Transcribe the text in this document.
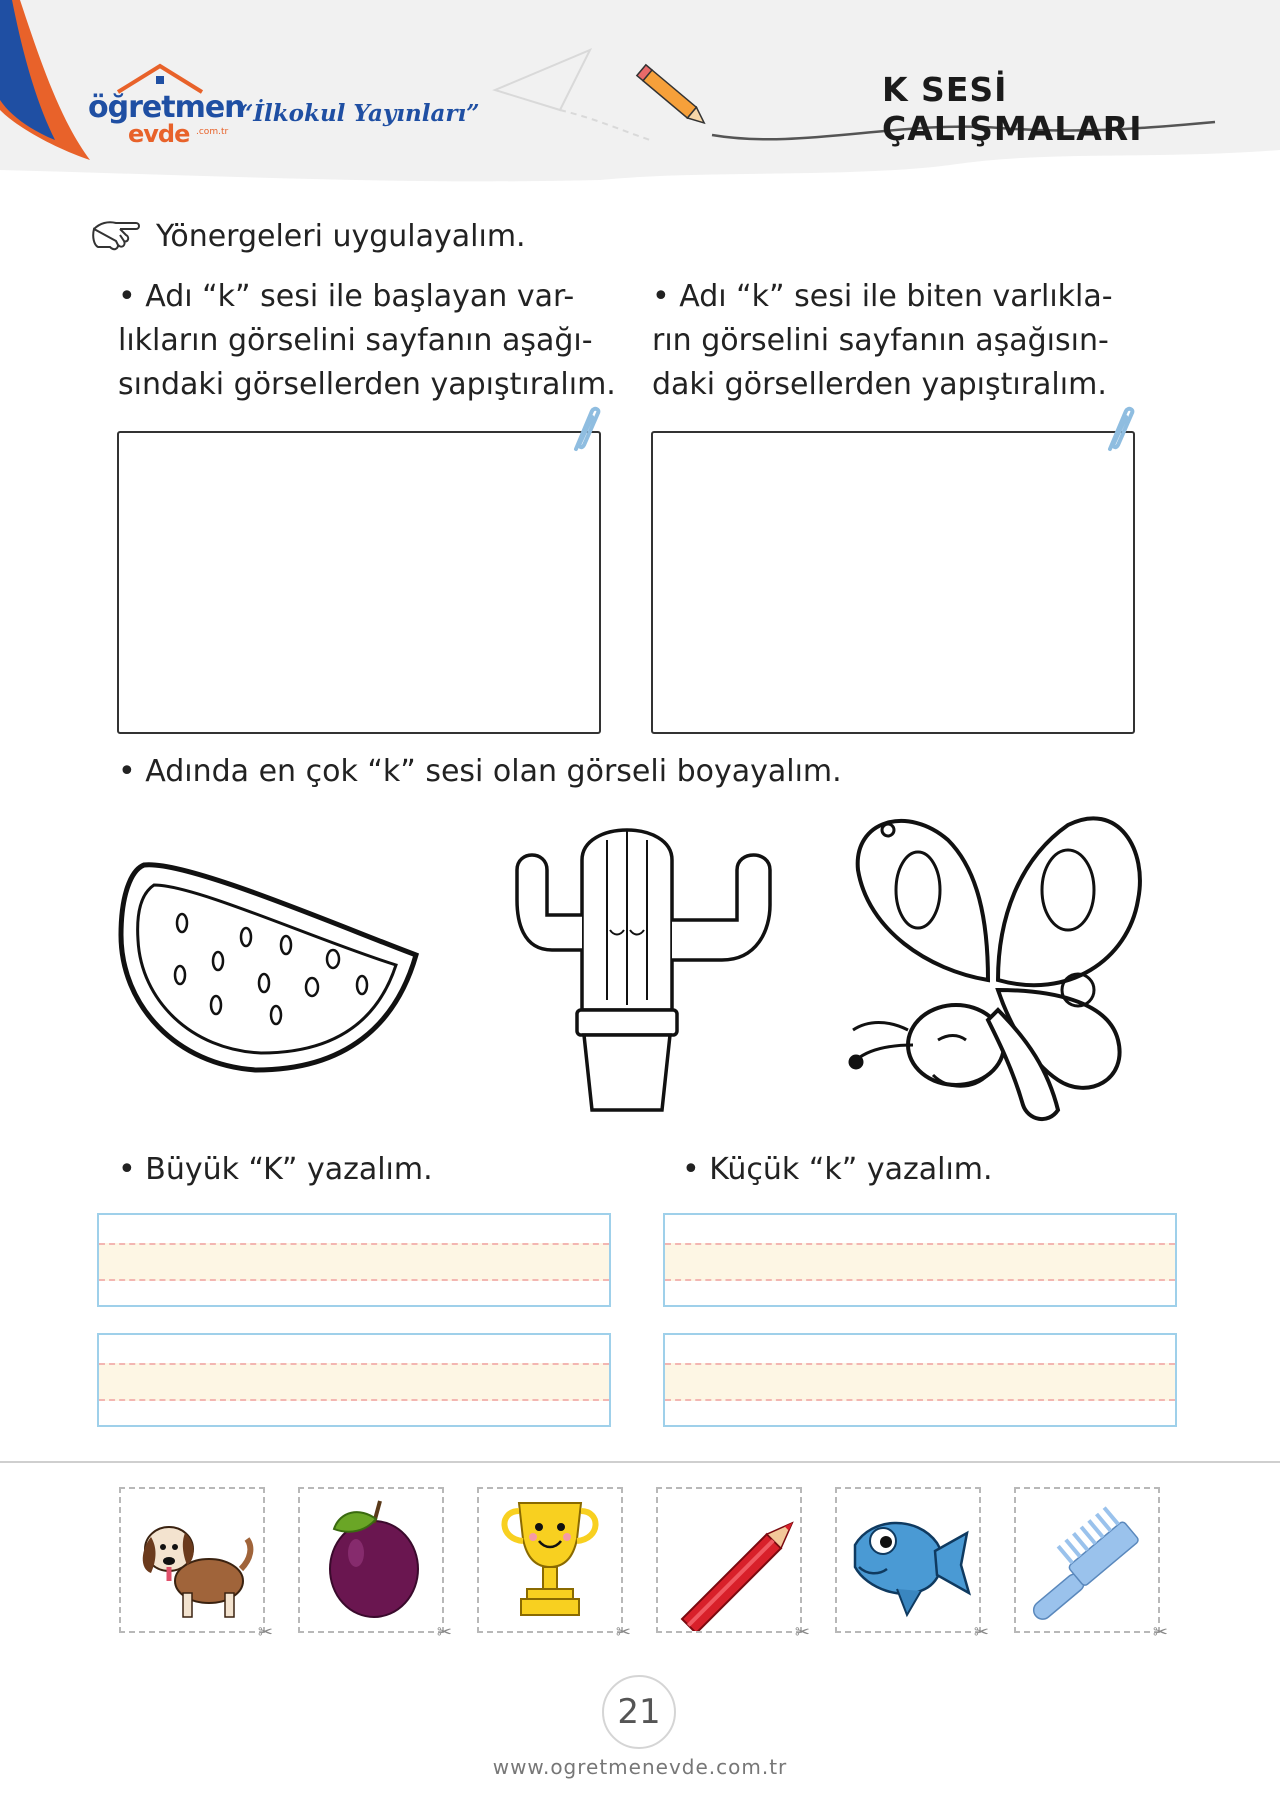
öğretmen
evde .com.tr
“İlkokul Yayınları”
K SESİ ÇALIŞMALARI
Yönergeleri uygulayalım.
• Adı “k” sesi ile başlayan var-
lıkların görselini sayfanın aşağı-
sındaki görsellerden yapıştıralım.
• Adı “k” sesi ile biten varlıkla-
rın görselini sayfanın aşağısın-
daki görsellerden yapıştıralım.
• Adında en çok “k” sesi olan görseli boyayalım.
• Büyük “K” yazalım.
•	Küçük “k” yazalım.
✂	✂	✂	✂	✂	✂
21
www.ogretmenevde.com.tr
